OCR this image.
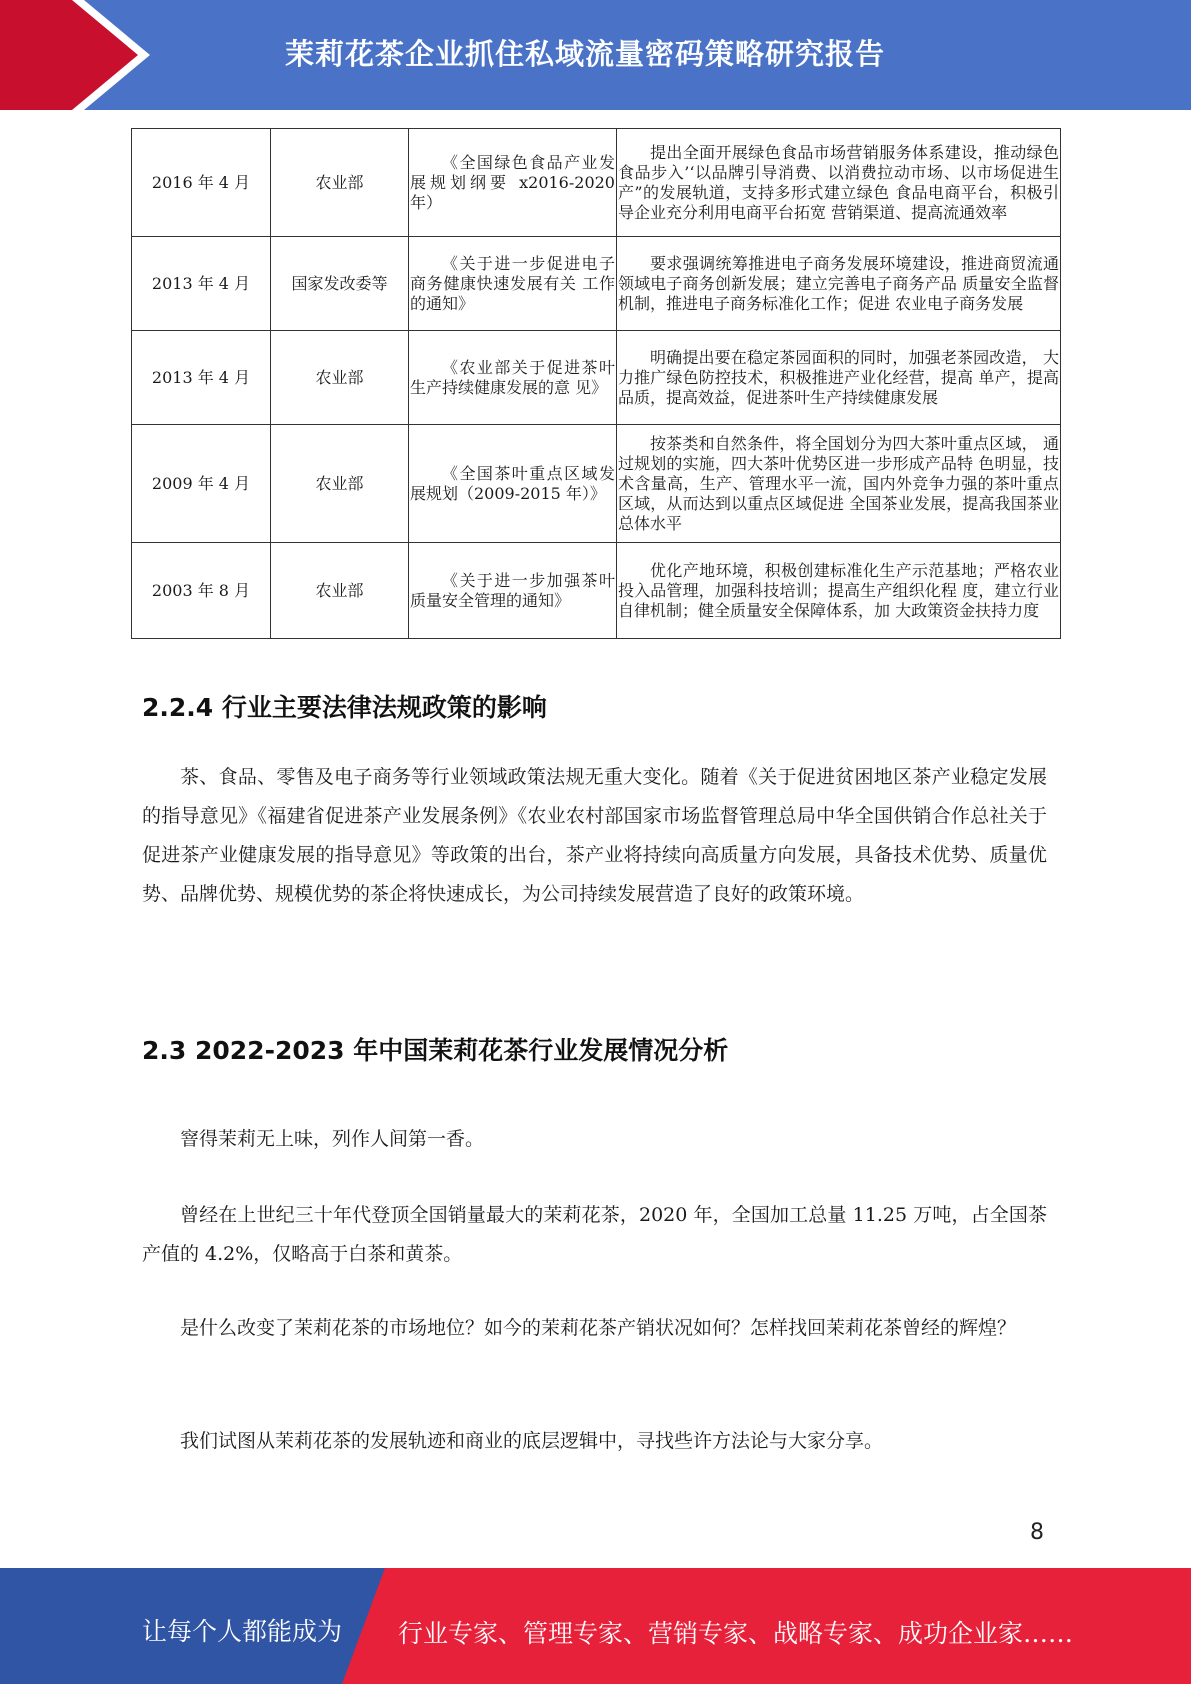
茉莉花茶企业抓住私域流量密码策略研究报告
2016 年 4 月	农业部	《全国绿色食品产业发 展规划纲要 x2016-2020 年）	提出全面开展绿色食品市场营销服务体系建设，推动绿色食品步入’‘以品牌引导消费、以消费拉动市场、以市场促进生产”的发展轨道，支持多形式建立绿色 食品电商平台，积极引导企业充分利用电商平台拓宽 营销渠道、提高流通效率
2013 年 4 月	国家发改委等	《关于进一步促进电子 商务健康快速发展有关 工作的通知》	要求强调统筹推进电子商务发展环境建设，推进商贸流通领域电子商务创新发展；建立完善电子商务产品 质量安全监督机制，推进电子商务标准化工作；促进 农业电子商务发展
2013 年 4 月	农业部	《农业部关于促进茶叶 生产持续健康发展的意 见》	明确提出要在稳定茶园面积的同时，加强老茶园改造， 大力推广绿色防控技术，积极推进产业化经营，提高 单产，提高品质，提高效益，促进茶叶生产持续健康发展
2009 年 4 月	农业部	《全国茶叶重点区域发 展规划（2009-2015 年）》	按茶类和自然条件，将全国划分为四大茶叶重点区域， 通过规划的实施，四大茶叶优势区进一步形成产品特 色明显，技术含量高，生产、管理水平一流，国内外竞争力强的茶叶重点区域，从而达到以重点区域促进 全国茶业发展，提高我国茶业总体水平
2003 年 8 月	农业部	《关于进一步加强茶叶 质量安全管理的通知》	优化产地环境，积极创建标准化生产示范基地；严格农业投入品管理，加强科技培训；提高生产组织化程 度，建立行业自律机制；健全质量安全保障体系，加 大政策资金扶持力度
2.2.4 行业主要法律法规政策的影响

茶、食品、零售及电子商务等行业领域政策法规无重大变化。随着《关于促进贫困地区茶产业稳定发展的指导意见》《福建省促进茶产业发展条例》《农业农村部国家市场监督管理总局中华全国供销合作总社关于促进茶产业健康发展的指导意见》等政策的出台，茶产业将持续向高质量方向发展，具备技术优势、质量优势、品牌优势、规模优势的茶企将快速成长，为公司持续发展营造了良好的政策环境。

2.3 2022-2023 年中国茉莉花茶行业发展情况分析

窨得茉莉无上味，列作人间第一香。

曾经在上世纪三十年代登顶全国销量最大的茉莉花茶，2020 年，全国加工总量 11.25 万吨，占全国茶产值的 4.2%，仅略高于白茶和黄茶。

是什么改变了茉莉花茶的市场地位？如今的茉莉花茶产销状况如何？怎样找回茉莉花茶曾经的辉煌？

我们试图从茉莉花茶的发展轨迹和商业的底层逻辑中，寻找些许方法论与大家分享。

8
让每个人都能成为 行业专家、管理专家、营销专家、战略专家、成功企业家……
